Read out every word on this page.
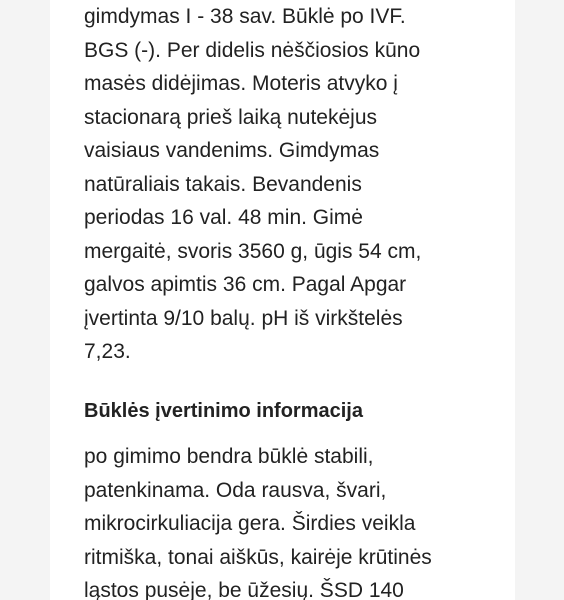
gimdymas I - 38 sav. Būklė po IVF.
BGS (-). Per didelis nėščiosios kūno
masės didėjimas. Moteris atvyko į
stacionarą prieš laiką nutekėjus
vaisiaus vandenims. Gimdymas
natūraliais takais. Bevandenis
periodas 16 val. 48 min. Gimė
mergaitė, svoris 3560 g, ūgis 54 cm,
galvos apimtis 36 cm. Pagal Apgar
įvertinta 9/10 balų. pH iš virkštelės
7,23.

Būklės įvertinimo informacija

po gimimo bendra būklė stabili,
patenkinama. Oda rausva, švari,
mikrocirkuliacija gera. Širdies veikla
ritmiška, tonai aiškūs, kairėje krūtinės
ląstos pusėje, be ūžesių. ŠSD 140
